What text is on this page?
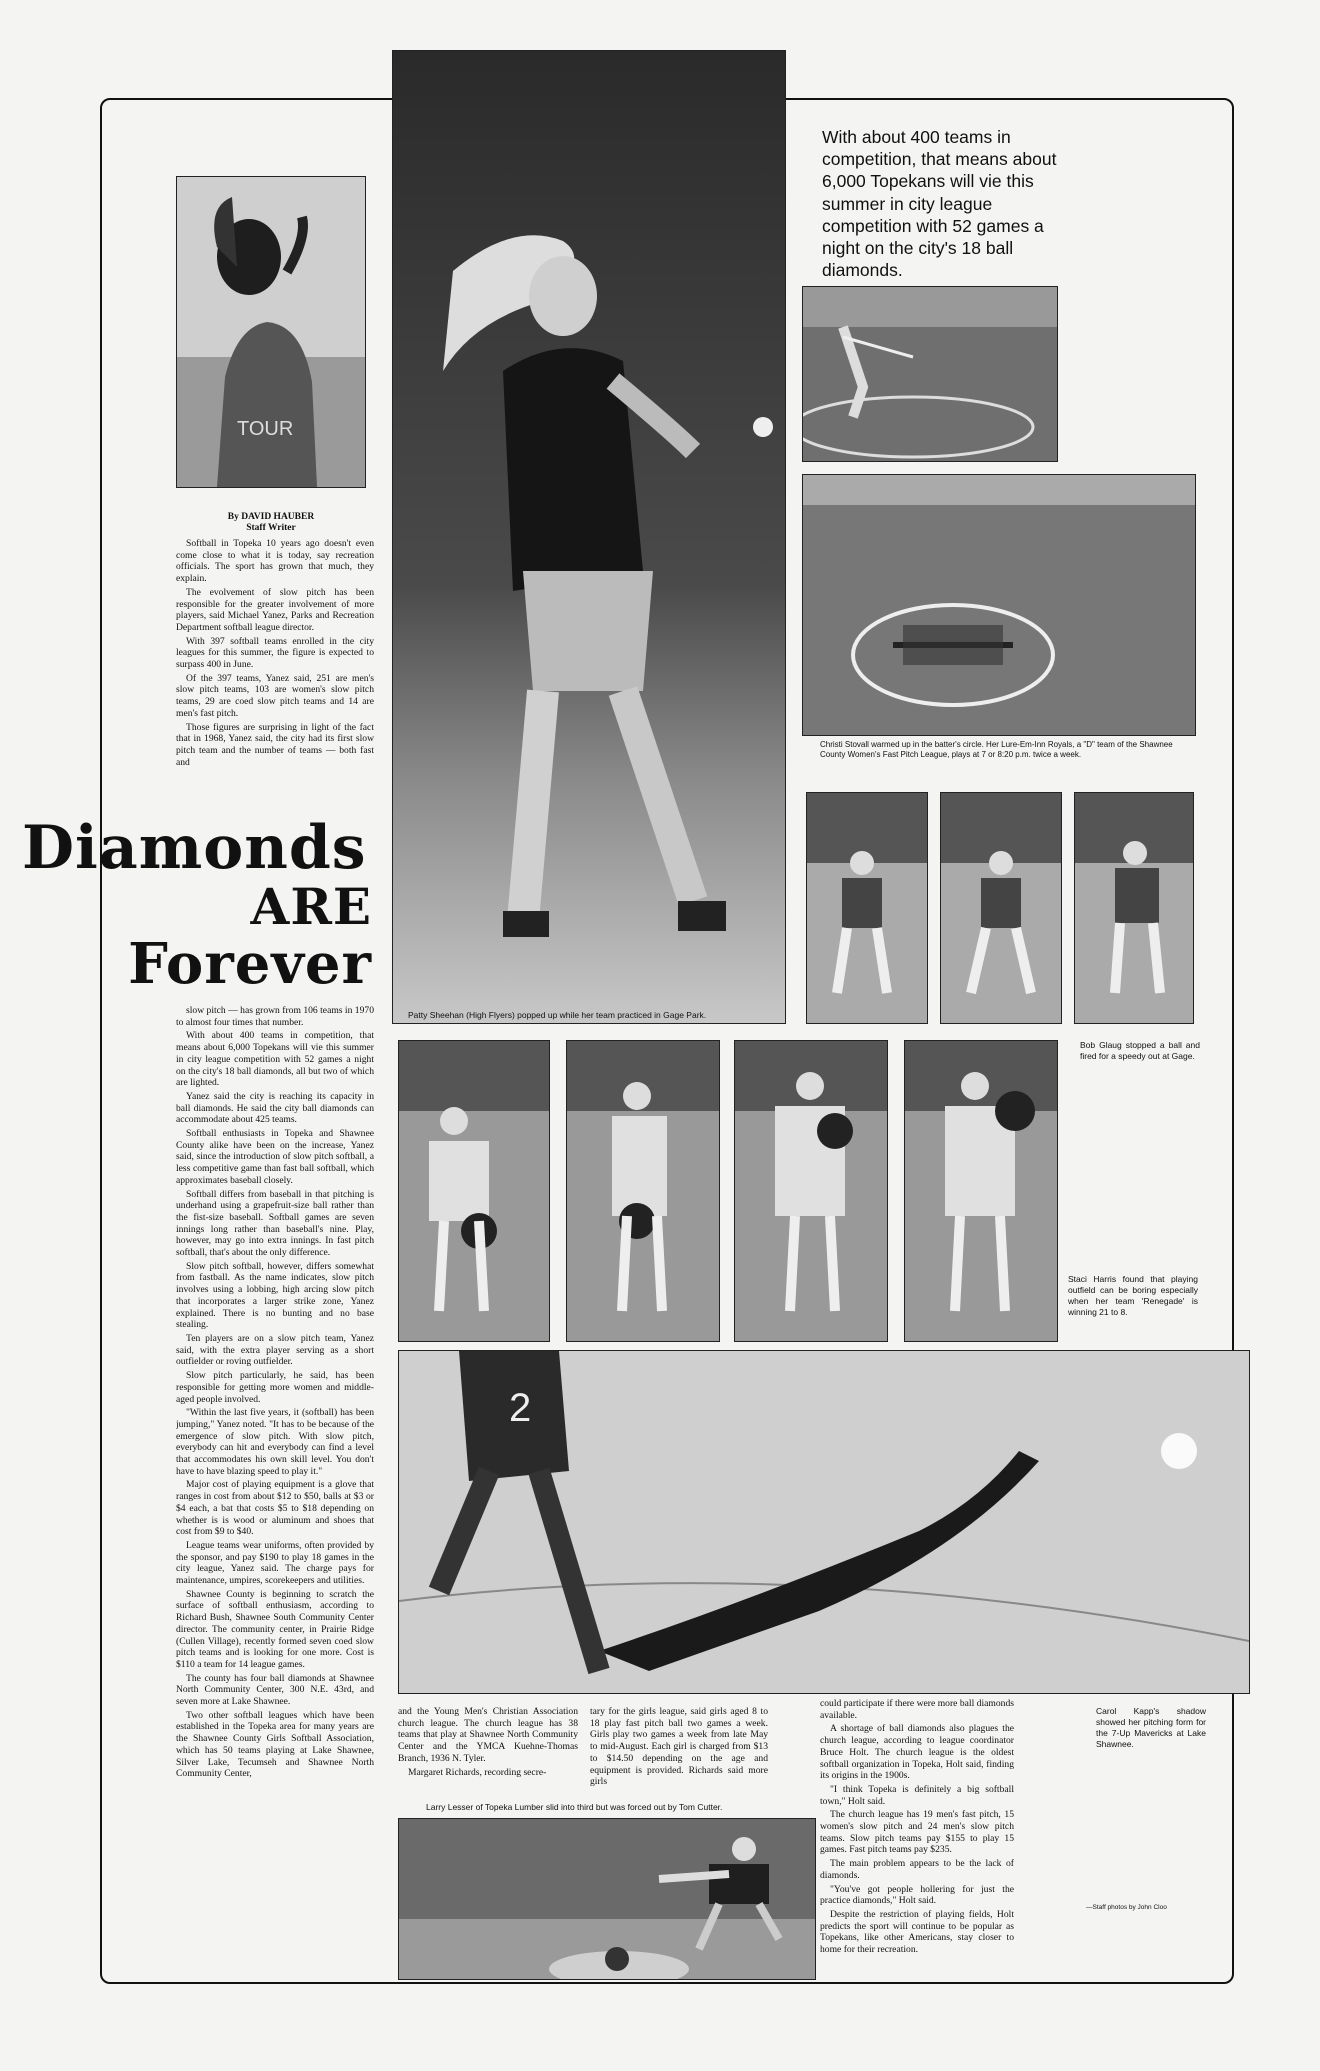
TOUR
By DAVID HAUBER
Staff Writer

Softball in Topeka 10 years ago doesn't even come close to what it is today, say recreation officials. The sport has grown that much, they explain.

The evolvement of slow pitch has been responsible for the greater involvement of more players, said Michael Yanez, Parks and Recreation Department softball league director.

With 397 softball teams enrolled in the city leagues for this summer, the figure is expected to surpass 400 in June.

Of the 397 teams, Yanez said, 251 are men's slow pitch teams, 103 are women's slow pitch teams, 29 are coed slow pitch teams and 14 are men's fast pitch.

Those figures are surprising in light of the fact that in 1968, Yanez said, the city had its first slow pitch team and the number of teams — both fast and

Diamonds
ARE
Forever

slow pitch — has grown from 106 teams in 1970 to almost four times that number.

With about 400 teams in competition, that means about 6,000 Topekans will vie this summer in city league competition with 52 games a night on the city's 18 ball diamonds, all but two of which are lighted.

Yanez said the city is reaching its capacity in ball diamonds. He said the city ball diamonds can accommodate about 425 teams.

Softball enthusiasts in Topeka and Shawnee County alike have been on the increase, Yanez said, since the introduction of slow pitch softball, a less competitive game than fast ball softball, which approximates baseball closely.

Softball differs from baseball in that pitching is underhand using a grapefruit-size ball rather than the fist-size baseball. Softball games are seven innings long rather than baseball's nine. Play, however, may go into extra innings. In fast pitch softball, that's about the only difference.

Slow pitch softball, however, differs somewhat from fastball. As the name indicates, slow pitch involves using a lobbing, high arcing slow pitch that incorporates a larger strike zone, Yanez explained. There is no bunting and no base stealing.

Ten players are on a slow pitch team, Yanez said, with the extra player serving as a short outfielder or roving outfielder.

Slow pitch particularly, he said, has been responsible for getting more women and middle-aged people involved.

"Within the last five years, it (softball) has been jumping," Yanez noted. "It has to be because of the emergence of slow pitch. With slow pitch, everybody can hit and everybody can find a level that accommodates his own skill level. You don't have to have blazing speed to play it."

Major cost of playing equipment is a glove that ranges in cost from about $12 to $50, balls at $3 or $4 each, a bat that costs $5 to $18 depending on whether is is wood or aluminum and shoes that cost from $9 to $40.

League teams wear uniforms, often provided by the sponsor, and pay $190 to play 18 games in the city league, Yanez said. The charge pays for maintenance, umpires, scorekeepers and utilities.

Shawnee County is beginning to scratch the surface of softball enthusiasm, according to Richard Bush, Shawnee South Community Center director. The community center, in Prairie Ridge (Cullen Village), recently formed seven coed slow pitch teams and is looking for one more. Cost is $110 a team for 14 league games.

The county has four ball diamonds at Shawnee North Community Center, 300 N.E. 43rd, and seven more at Lake Shawnee.

Two other softball leagues which have been established in the Topeka area for many years are the Shawnee County Girls Softball Association, which has 50 teams playing at Lake Shawnee, Silver Lake, Tecumseh and Shawnee North Community Center,

Patty Sheehan (High Flyers) popped up while her team practiced in Gage Park.
With about 400 teams in competition, that means about 6,000 Topekans will vie this summer in city league competition with 52 games a night on the city's 18 ball diamonds.
Christi Stovall warmed up in the batter's circle. Her Lure-Em-Inn Royals, a "D" team of the Shawnee County Women's Fast Pitch League, plays at 7 or 8:20 p.m. twice a week.
Bob Glaug stopped a ball and fired for a speedy out at Gage.
Staci Harris found that playing outfield can be boring especially when her team 'Renegade' is winning 21 to 8.
2

and the Young Men's Christian Association church league. The church league has 38 teams that play at Shawnee North Community Center and the YMCA Kuehne-Thomas Branch, 1936 N. Tyler.

Margaret Richards, recording secre-

tary for the girls league, said girls aged 8 to 18 play fast pitch ball two games a week. Girls play two games a week from late May to mid-August. Each girl is charged from $13 to $14.50 depending on the age and equipment is provided. Richards said more girls

Larry Lesser of Topeka Lumber slid into third but was forced out by Tom Cutter.

could participate if there were more ball diamonds available.

A shortage of ball diamonds also plagues the church league, according to league coordinator Bruce Holt. The church league is the oldest softball organization in Topeka, Holt said, finding its origins in the 1900s.

"I think Topeka is definitely a big softball town," Holt said.

The church league has 19 men's fast pitch, 15 women's slow pitch and 24 men's slow pitch teams. Slow pitch teams pay $155 to play 15 games. Fast pitch teams pay $235.

The main problem appears to be the lack of diamonds.

"You've got people hollering for just the practice diamonds," Holt said.

Despite the restriction of playing fields, Holt predicts the sport will continue to be popular as Topekans, like other Americans, stay closer to home for their recreation.

Carol Kapp's shadow showed her pitching form for the 7-Up Mavericks at Lake Shawnee.
—Staff photos by John Cloo
